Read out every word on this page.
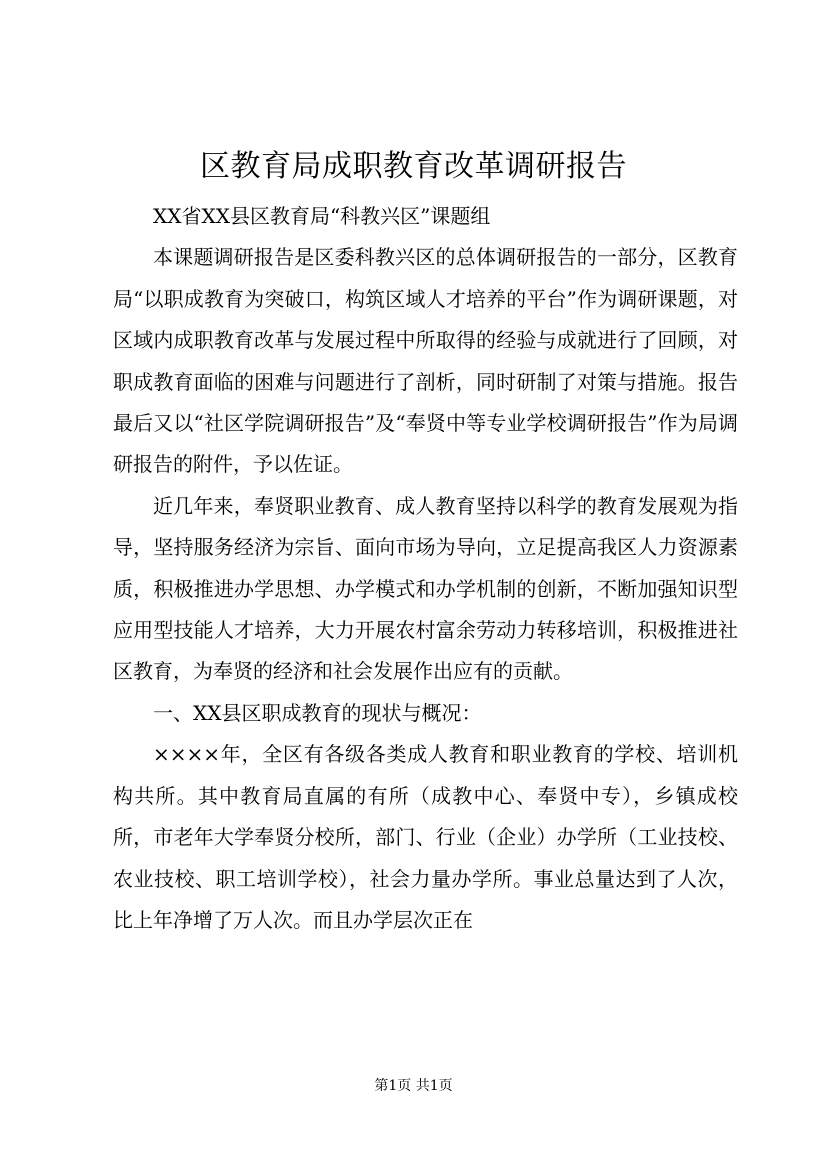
区教育局成职教育改革调研报告

XX省XX县区教育局“科教兴区”课题组

本课题调研报告是区委科教兴区的总体调研报告的一部分，区教育局“以职成教育为突破口，构筑区域人才培养的平台”作为调研课题，对区域内成职教育改革与发展过程中所取得的经验与成就进行了回顾，对职成教育面临的困难与问题进行了剖析，同时研制了对策与措施。报告最后又以“社区学院调研报告”及“奉贤中等专业学校调研报告”作为局调研报告的附件，予以佐证。

近几年来，奉贤职业教育、成人教育坚持以科学的教育发展观为指导，坚持服务经济为宗旨、面向市场为导向，立足提高我区人力资源素质，积极推进办学思想、办学模式和办学机制的创新，不断加强知识型应用型技能人才培养，大力开展农村富余劳动力转移培训，积极推进社区教育，为奉贤的经济和社会发展作出应有的贡献。

一、XX县区职成教育的现状与概况：

××××年，全区有各级各类成人教育和职业教育的学校、培训机构共所。其中教育局直属的有所（成教中心、奉贤中专），乡镇成校所，市老年大学奉贤分校所，部门、行业（企业）办学所（工业技校、农业技校、职工培训学校），社会力量办学所。事业总量达到了人次，比上年净增了万人次。而且办学层次正在

第1页 共1页
